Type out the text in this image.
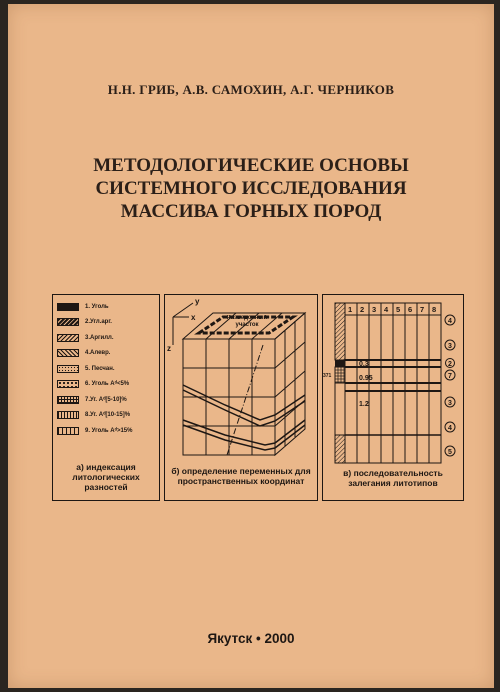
Н.Н. ГРИБ, А.В. САМОХИН, А.Г. ЧЕРНИКОВ
МЕТОДОЛОГИЧЕСКИЕ ОСНОВЫ
СИСТЕМНОГО ИССЛЕДОВАНИЯ
МАССИВА ГОРНЫХ ПОРОД
1. Уголь
2.Угл.арг.
3.Аргилл.
4.Алевр.
5. Песчан.
6. Уголь Aᵈ<5%
7.Уг. Aᵈ[5-10]%
8.Уг. Aᵈ[10-15]%
9. Уголь Aᵈ>15%
а) индексация литологических разностей
y
x
z
Разведочный участок
б) определение переменных для пространственных координат
1 2 3 4 5 6 7 8
0.3
0.95
1.2
371
4
3
2
7
3
4
5
в) последовательность залегания литотипов
Якутск • 2000
